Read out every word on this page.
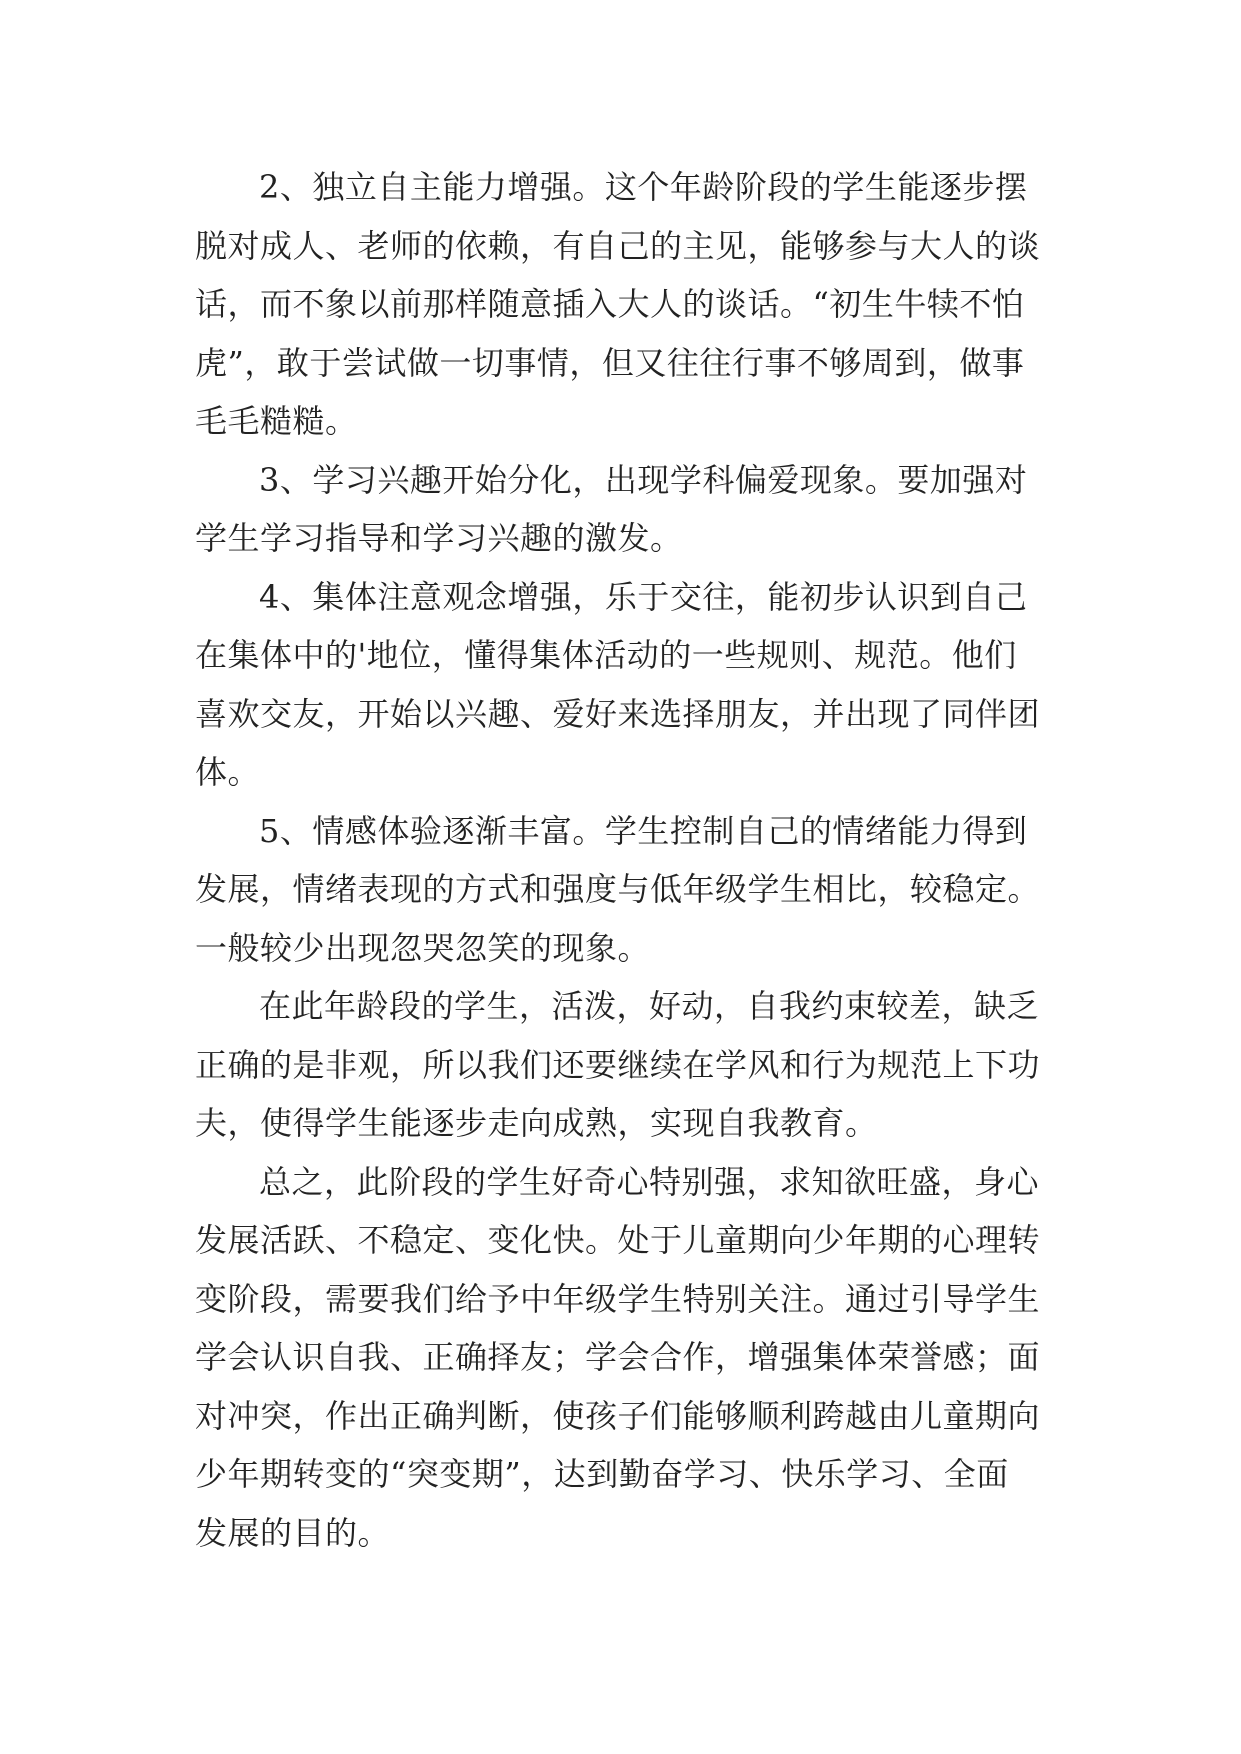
2、独立自主能力增强。这个年龄阶段的学生能逐步摆
脱对成人、老师的依赖，有自己的主见，能够参与大人的谈
话，而不象以前那样随意插入大人的谈话。“初生牛犊不怕
虎”，敢于尝试做一切事情，但又往往行事不够周到，做事
毛毛糙糙。
3、学习兴趣开始分化，出现学科偏爱现象。要加强对
学生学习指导和学习兴趣的激发。
4、集体注意观念增强，乐于交往，能初步认识到自己
在集体中的'地位，懂得集体活动的一些规则、规范。他们
喜欢交友，开始以兴趣、爱好来选择朋友，并出现了同伴团
体。
5、情感体验逐渐丰富。学生控制自己的情绪能力得到
发展，情绪表现的方式和强度与低年级学生相比，较稳定。
一般较少出现忽哭忽笑的现象。
在此年龄段的学生，活泼，好动，自我约束较差，缺乏
正确的是非观，所以我们还要继续在学风和行为规范上下功
夫，使得学生能逐步走向成熟，实现自我教育。
总之，此阶段的学生好奇心特别强，求知欲旺盛，身心
发展活跃、不稳定、变化快。处于儿童期向少年期的心理转
变阶段，需要我们给予中年级学生特别关注。通过引导学生
学会认识自我、正确择友；学会合作，增强集体荣誉感；面
对冲突，作出正确判断，使孩子们能够顺利跨越由儿童期向
少年期转变的“突变期”，达到勤奋学习、快乐学习、全面
发展的目的。
